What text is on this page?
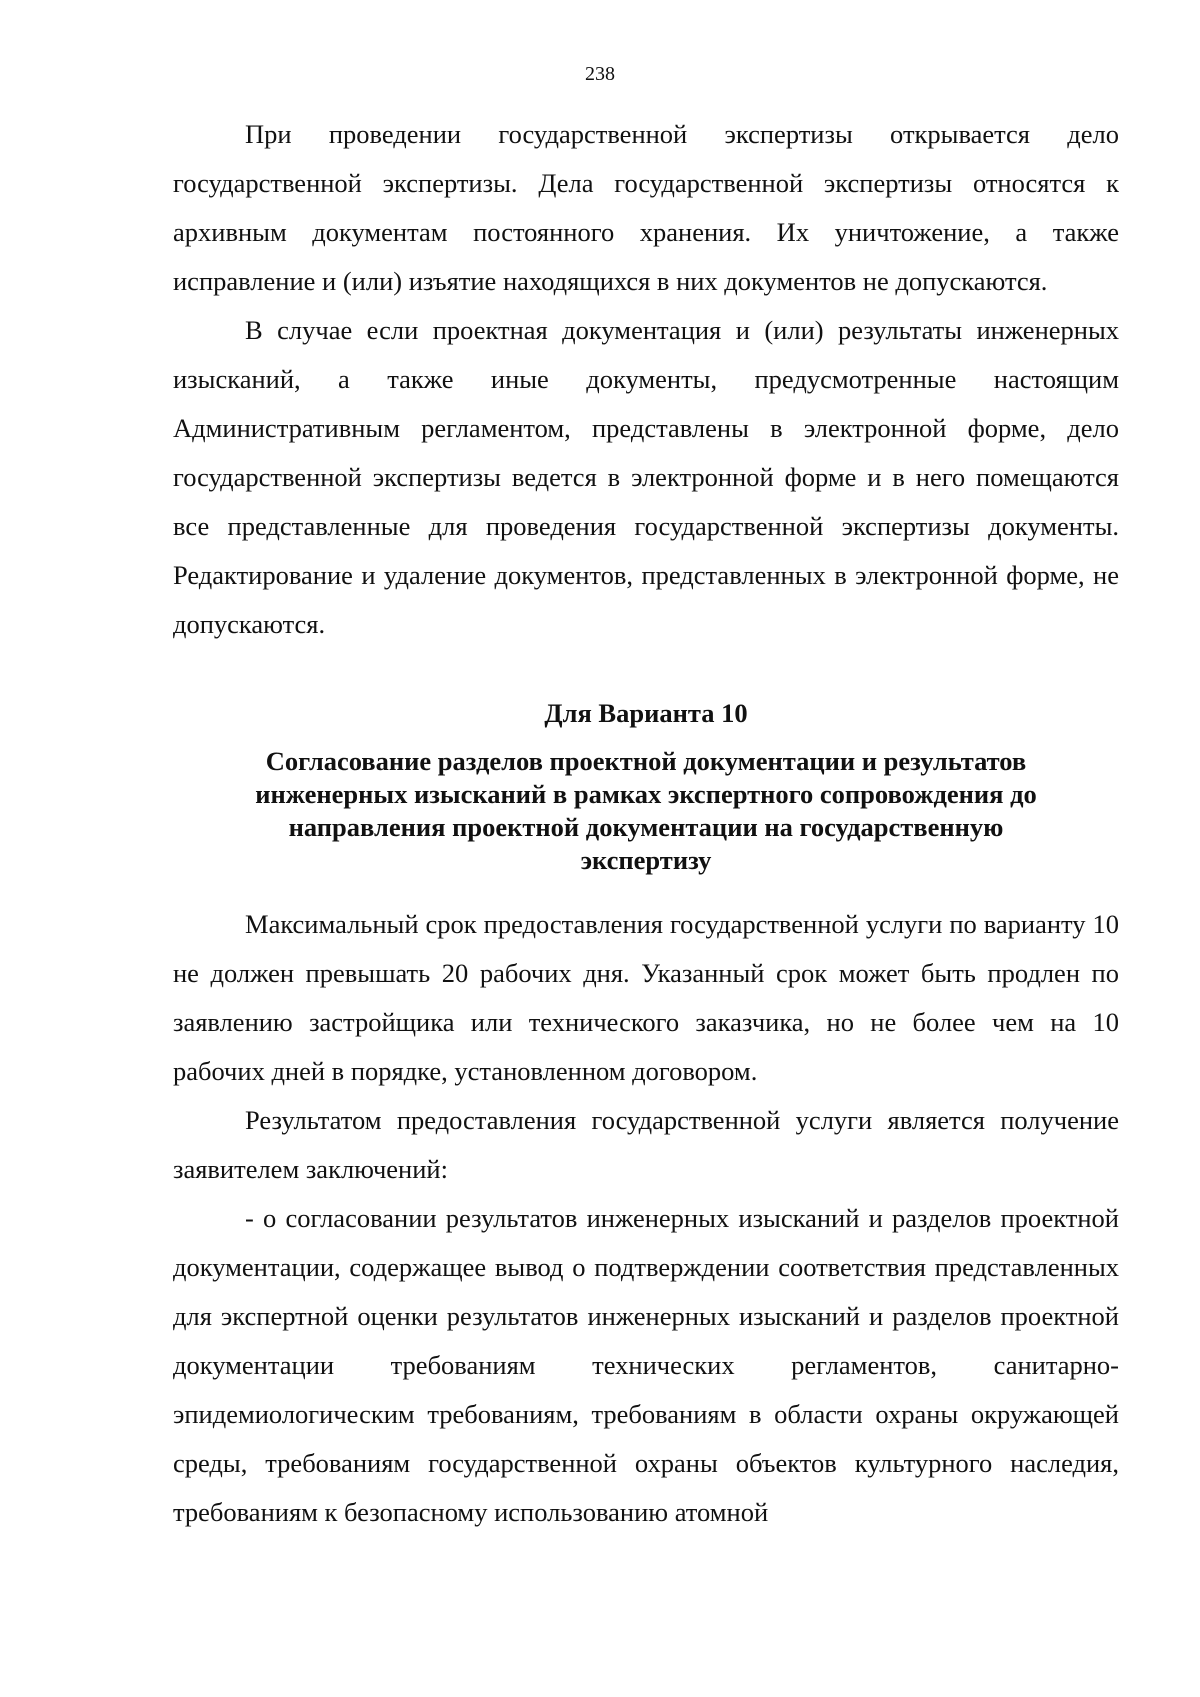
238

При проведении государственной экспертизы открывается дело государственной экспертизы. Дела государственной экспертизы относятся к архивным документам постоянного хранения. Их уничтожение, а также исправление и (или) изъятие находящихся в них документов не допускаются.

В случае если проектная документация и (или) результаты инженерных изысканий, а также иные документы, предусмотренные настоящим Административным регламентом, представлены в электронной форме, дело государственной экспертизы ведется в электронной форме и в него помещаются все представленные для проведения государственной экспертизы документы. Редактирование и удаление документов, представленных в электронной форме, не допускаются.

Для Варианта 10
Согласование разделов проектной документации и результатов инженерных изысканий в рамках экспертного сопровождения до направления проектной документации на государственную экспертизу

Максимальный срок предоставления государственной услуги по варианту 10 не должен превышать 20 рабочих дня. Указанный срок может быть продлен по заявлению застройщика или технического заказчика, но не более чем на 10 рабочих дней в порядке, установленном договором.

Результатом предоставления государственной услуги является получение заявителем заключений:

- о согласовании результатов инженерных изысканий и разделов проектной документации, содержащее вывод о подтверждении соответствия представленных для экспертной оценки результатов инженерных изысканий и разделов проектной документации требованиям технических регламентов, санитарно-эпидемиологическим требованиям, требованиям в области охраны окружающей среды, требованиям государственной охраны объектов культурного наследия, требованиям к безопасному использованию атомной
